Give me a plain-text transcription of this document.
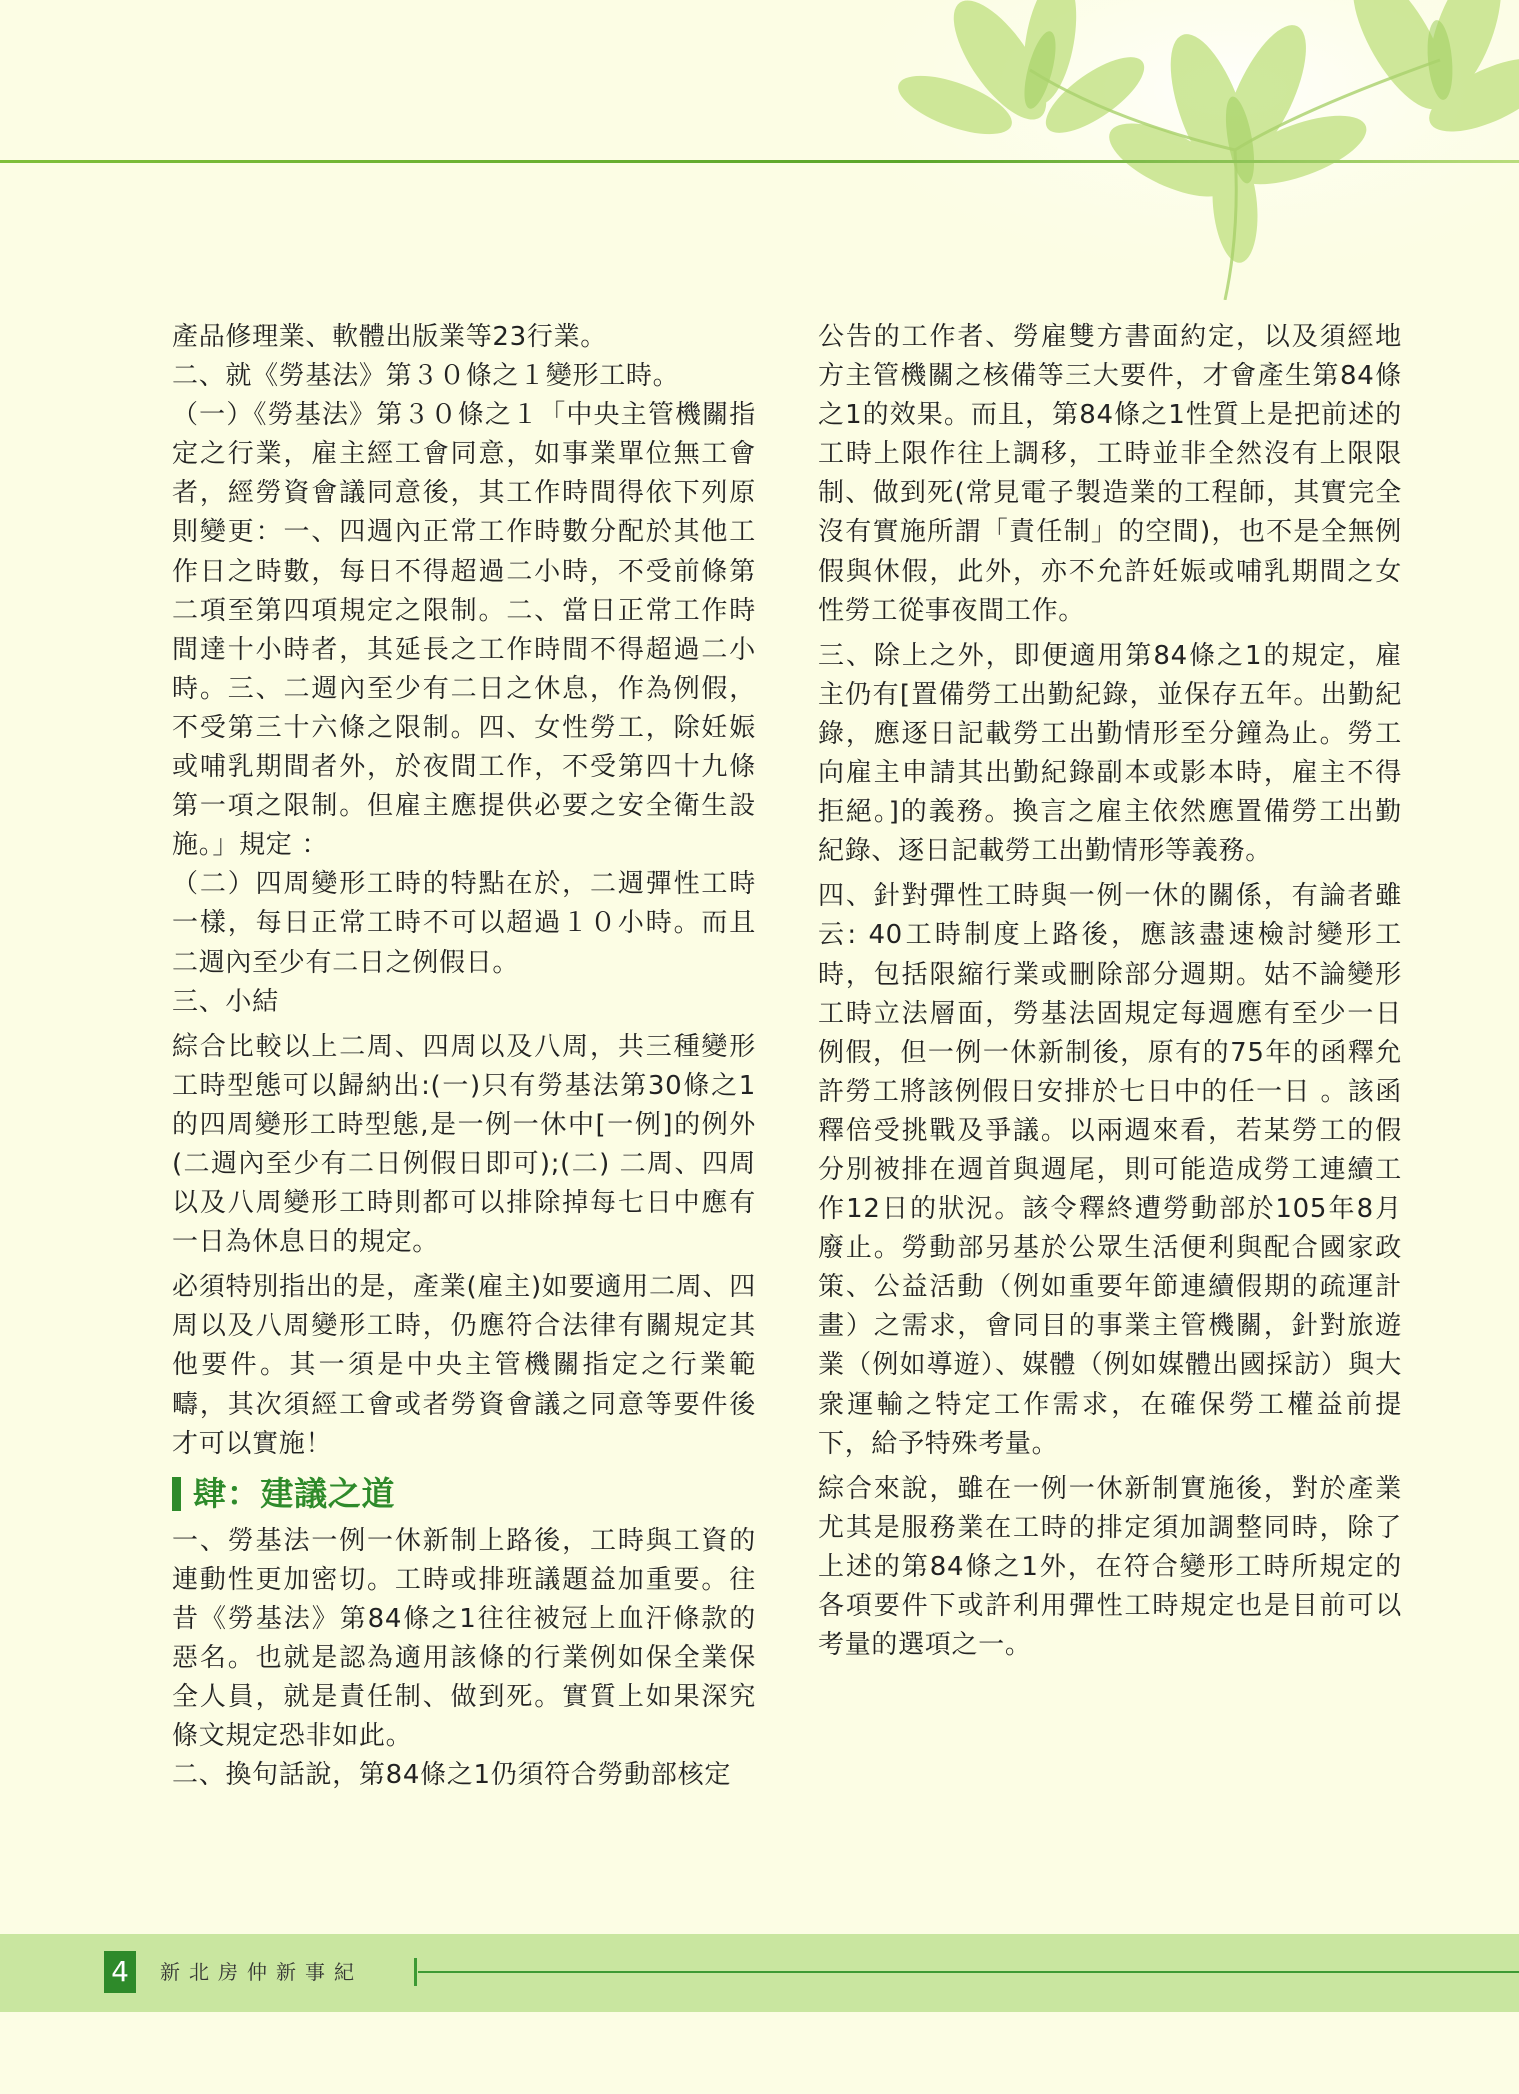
產品修理業、軟體出版業等23行業。

二、就《勞基法》第３０條之１變形工時。

（一）《勞基法》第３０條之１「中央主管機關指定之行業，雇主經工會同意，如事業單位無工會者，經勞資會議同意後，其工作時間得依下列原則變更：一、四週內正常工作時數分配於其他工作日之時數，每日不得超過二小時，不受前條第二項至第四項規定之限制。二、當日正常工作時間達十小時者，其延長之工作時間不得超過二小時。三、二週內至少有二日之休息，作為例假，不受第三十六條之限制。四、女性勞工，除妊娠或哺乳期間者外，於夜間工作，不受第四十九條第一項之限制。但雇主應提供必要之安全衛生設施。」規定 ：

（二）四周變形工時的特點在於，二週彈性工時一樣，每日正常工時不可以超過１０小時。而且二週內至少有二日之例假日。

三、小結

綜合比較以上二周、四周以及八周，共三種變形工時型態可以歸納出:(一)只有勞基法第30條之1的四周變形工時型態,是一例一休中[一例]的例外(二週內至少有二日例假日即可);(二) 二周、四周以及八周變形工時則都可以排除掉每七日中應有一日為休息日的規定。

必須特別指出的是，產業(雇主)如要適用二周、四周以及八周變形工時，仍應符合法律有關規定其他要件。其一須是中央主管機關指定之行業範疇，其次須經工會或者勞資會議之同意等要件後才可以實施！

肆：建議之道

一、勞基法一例一休新制上路後，工時與工資的連動性更加密切。工時或排班議題益加重要。往昔《勞基法》第84條之1往往被冠上血汗條款的惡名。也就是認為適用該條的行業例如保全業保全人員，就是責任制、做到死。實質上如果深究條文規定恐非如此。

二、換句話說，第84條之1仍須符合勞動部核定

公告的工作者、勞雇雙方書面約定，以及須經地方主管機關之核備等三大要件，才會產生第84條之1的效果。而且，第84條之1性質上是把前述的工時上限作往上調移，工時並非全然沒有上限限制、做到死(常見電子製造業的工程師，其實完全沒有實施所謂「責任制」的空間)，也不是全無例假與休假，此外，亦不允許妊娠或哺乳期間之女性勞工從事夜間工作。

三、除上之外，即便適用第84條之1的規定，雇主仍有[置備勞工出勤紀錄，並保存五年。出勤紀錄，應逐日記載勞工出勤情形至分鐘為止。勞工向雇主申請其出勤紀錄副本或影本時，雇主不得拒絕。]的義務。換言之雇主依然應置備勞工出勤紀錄、逐日記載勞工出勤情形等義務。

四、針對彈性工時與一例一休的關係，有論者雖云: 40工時制度上路後，應該盡速檢討變形工時，包括限縮行業或刪除部分週期。姑不論變形工時立法層面，勞基法固規定每週應有至少一日例假，但一例一休新制後，原有的75年的函釋允許勞工將該例假日安排於七日中的任一日 。該函釋倍受挑戰及爭議。以兩週來看，若某勞工的假分別被排在週首與週尾，則可能造成勞工連續工作12日的狀況。該令釋終遭勞動部於105年8月廢止。勞動部另基於公眾生活便利與配合國家政策、公益活動（例如重要年節連續假期的疏運計畫）之需求，會同目的事業主管機關，針對旅遊業（例如導遊）、媒體（例如媒體出國採訪）與大衆運輸之特定工作需求，在確保勞工權益前提下，給予特殊考量。

綜合來說，雖在一例一休新制實施後，對於產業尤其是服務業在工時的排定須加調整同時，除了上述的第84條之1外，在符合變形工時所規定的各項要件下或許利用彈性工時規定也是目前可以考量的選項之一。

4	新北房仲新事紀
